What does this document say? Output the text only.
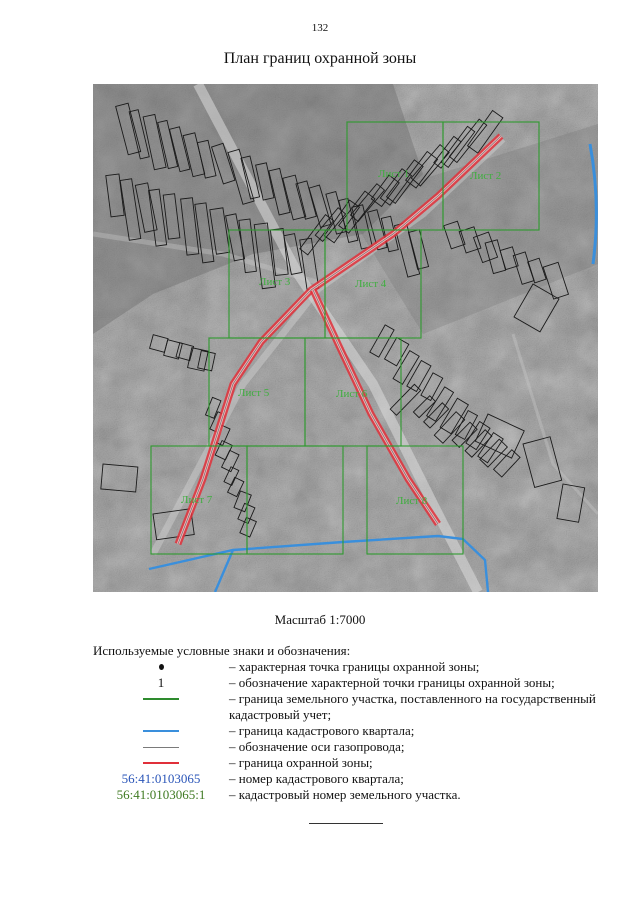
132
План границ охранной зоны
Лист 1	Лист 2
Лист 3	Лист 4
Лист 5	Лист 6
Лист 7	Лист 8
Масштаб 1:7000
Используемые условные знаки и обозначения:
– характерная точка границы охранной зоны;
1	– обозначение характерной точки границы охранной зоны;
– граница земельного участка, поставленного на государственный кадастровый учет;
– граница кадастрового квартала;
– обозначение оси газопровода;
– граница охранной зоны;
56:41:0103065	– номер кадастрового квартала;
56:41:0103065:1	– кадастровый номер земельного участка.
